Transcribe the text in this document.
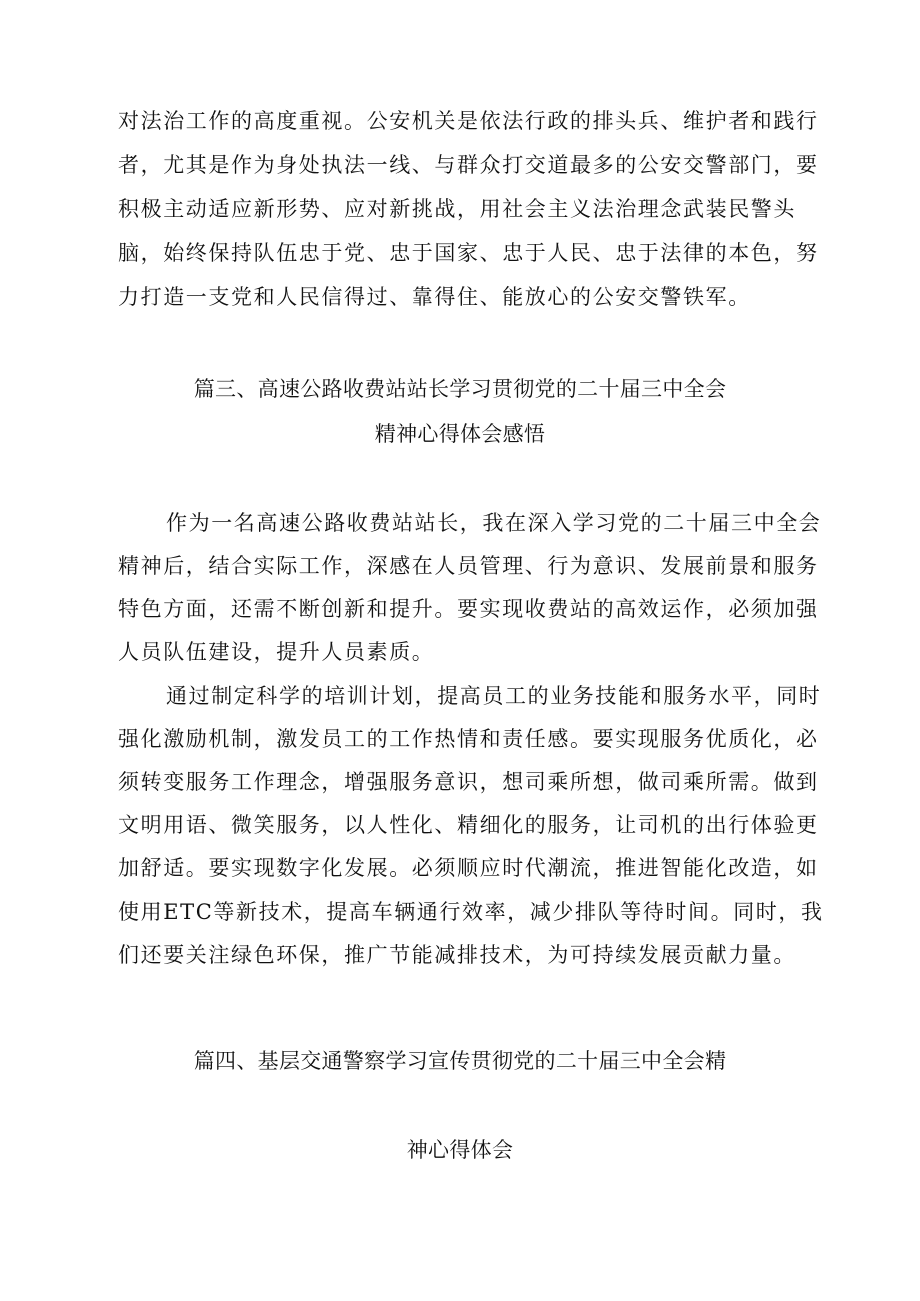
对法治工作的高度重视。公安机关是依法行政的排头兵、维护者和践行
者，尤其是作为身处执法一线、与群众打交道最多的公安交警部门，要
积极主动适应新形势、应对新挑战，用社会主义法治理念武装民警头
脑，始终保持队伍忠于党、忠于国家、忠于人民、忠于法律的本色，努
力打造一支党和人民信得过、靠得住、能放心的公安交警铁军。
篇三、高速公路收费站站长学习贯彻党的二十届三中全会
精神心得体会感悟
作为一名高速公路收费站站长，我在深入学习党的二十届三中全会
精神后，结合实际工作，深感在人员管理、行为意识、发展前景和服务
特色方面，还需不断创新和提升。要实现收费站的高效运作，必须加强
人员队伍建设，提升人员素质。
通过制定科学的培训计划，提高员工的业务技能和服务水平，同时
强化激励机制，激发员工的工作热情和责任感。要实现服务优质化，必
须转变服务工作理念，增强服务意识，想司乘所想，做司乘所需。做到
文明用语、微笑服务，以人性化、精细化的服务，让司机的出行体验更
加舒适。要实现数字化发展。必须顺应时代潮流，推进智能化改造，如
使用ETC等新技术，提高车辆通行效率，减少排队等待时间。同时，我
们还要关注绿色环保，推广节能减排技术，为可持续发展贡献力量。
篇四、基层交通警察学习宣传贯彻党的二十届三中全会精
神心得体会
